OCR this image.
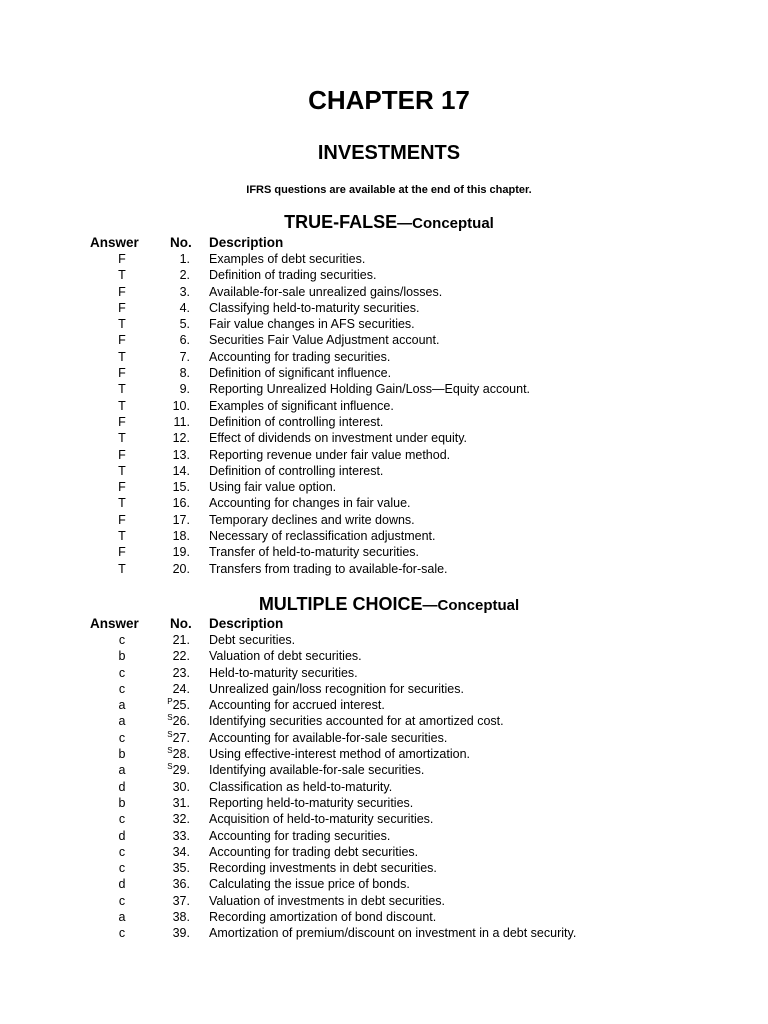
CHAPTER 17
INVESTMENTS
IFRS questions are available at the end of this chapter.
TRUE-FALSE—Conceptual
Answer	No.	Description
F	1. Examples of debt securities.
T	2. Definition of trading securities.
F	3. Available-for-sale unrealized gains/losses.
F	4. Classifying held-to-maturity securities.
T	5. Fair value changes in AFS securities.
F	6. Securities Fair Value Adjustment account.
T	7. Accounting for trading securities.
F	8. Definition of significant influence.
T	9. Reporting Unrealized Holding Gain/Loss—Equity account.
T	10. Examples of significant influence.
F	11. Definition of controlling interest.
T	12. Effect of dividends on investment under equity.
F	13. Reporting revenue under fair value method.
T	14. Definition of controlling interest.
F	15. Using fair value option.
T	16. Accounting for changes in fair value.
F	17. Temporary declines and write downs.
T	18. Necessary of reclassification adjustment.
F	19. Transfer of held-to-maturity securities.
T	20. Transfers from trading to available-for-sale.
MULTIPLE CHOICE—Conceptual
Answer	No.	Description
c	21. Debt securities.
b	22. Valuation of debt securities.
c	23. Held-to-maturity securities.
c	24. Unrealized gain/loss recognition for securities.
a	$^P$25. Accounting for accrued interest.
a	$^S$26. Identifying securities accounted for at amortized cost.
c	$^S$27. Accounting for available-for-sale securities.
b	$^S$28. Using effective-interest method of amortization.
a	$^S$29. Identifying available-for-sale securities.
d	30. Classification as held-to-maturity.
b	31. Reporting held-to-maturity securities.
c	32. Acquisition of held-to-maturity securities.
d	33. Accounting for trading securities.
c	34. Accounting for trading debt securities.
c	35. Recording investments in debt securities.
d	36. Calculating the issue price of bonds.
c	37. Valuation of investments in debt securities.
a	38. Recording amortization of bond discount.
c	39. Amortization of premium/discount on investment in a debt security.
